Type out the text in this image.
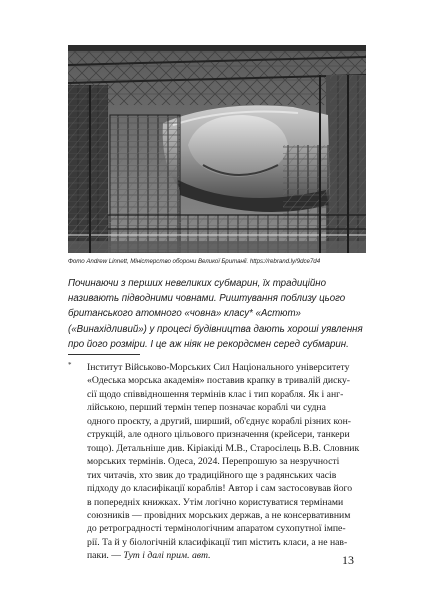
Фото Andrew Linnett, Міністерство оборони Великої Британії. https://rebrand.ly/9dce7d4
Починаючи з перших невеликих субмарин, їх традиційно
називають підводними човнами. Риштування поблизу цього
британського атомного «човна» класу* «Астют»
(«Винахідливий») у процесі будівництва дають хороші уявлення
про його розміри. І це аж ніяк не рекордсмен серед субмарин.
* Інститут Військово-Морських Сил Національного університету
«Одеська морська академія» поставив крапку в тривалій диску-
сії щодо співвідношення термінів клас і тип корабля. Як і анг-
лійською, перший термін тепер позначає кораблі чи судна
одного проєкту, а другий, ширший, об'єднує кораблі різних кон-
струкцій, але одного цільового призначення (крейсери, танкери
тощо). Детальніше див. Кіріакіді М.В., Старосілець В.В. Словник
морських термінів. Одеса, 2024. Перепрошую за незручності
тих читачів, хто звик до традиційного ще з радянських часів
підходу до класифікації кораблів! Автор і сам застосовував його
в попередніх книжках. Утім логічно користуватися термінами
союзників — провідних морських держав, а не консервативним
до ретроградності термінологічним апаратом сухопутної імпе-
рії. Та й у біологічній класифікації тип містить класи, а не нав-
паки. — Тут і далі прим. авт.	13
